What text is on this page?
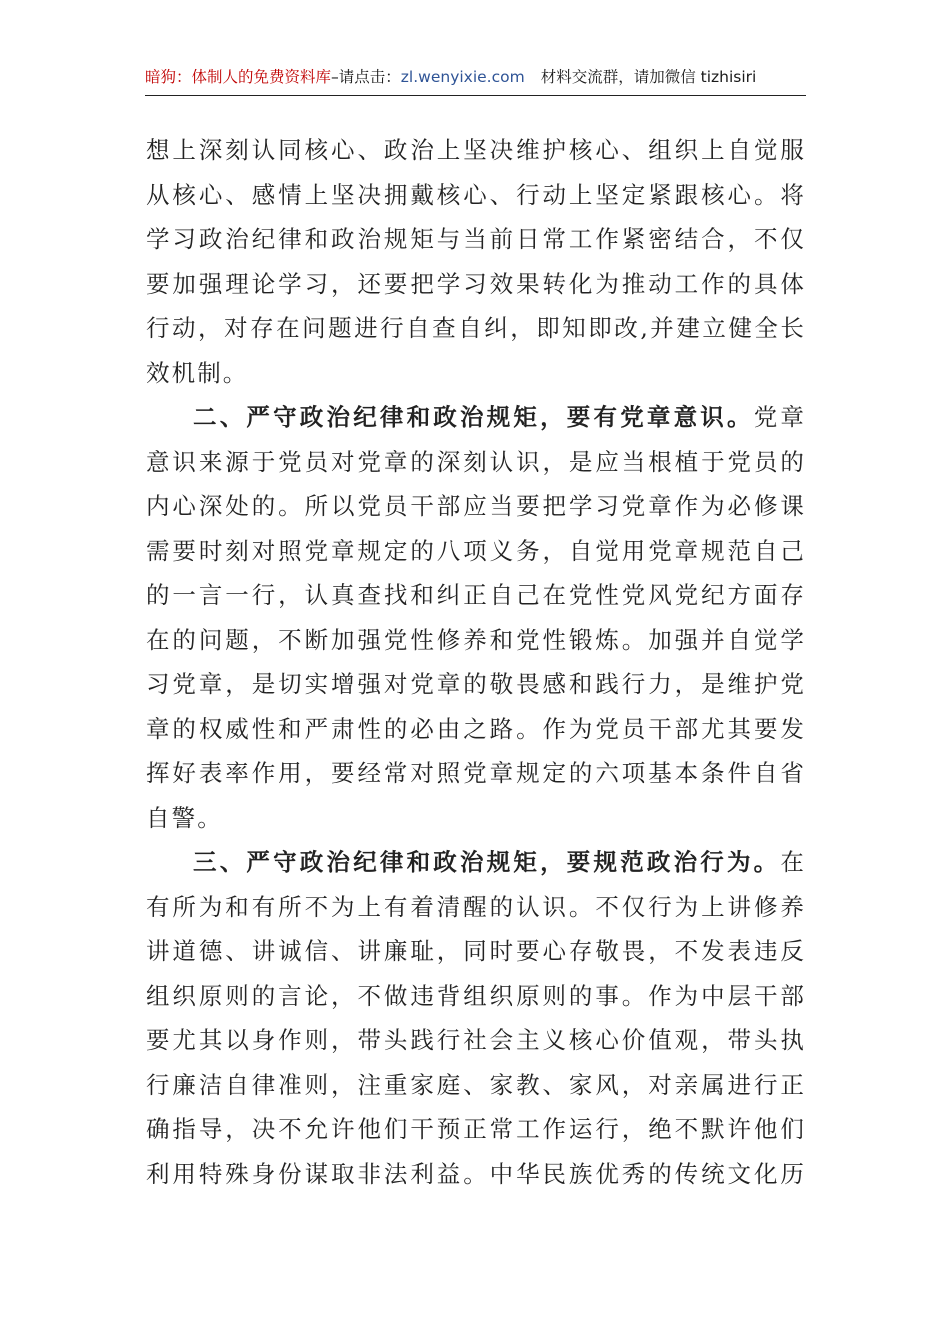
暗狗：体制人的免费资料库–请点击：zl.wenyixie.com 材料交流群，请加微信 tizhisiri
想上深刻认同核心、政治上坚决维护核心、组织上自觉服
从核心、感情上坚决拥戴核心、行动上坚定紧跟核心。将
学习政治纪律和政治规矩与当前日常工作紧密结合，不仅
要加强理论学习，还要把学习效果转化为推动工作的具体
行动，对存在问题进行自查自纠，即知即改,并建立健全长
效机制。
二、严守政治纪律和政治规矩，要有党章意识。党章
意识来源于党员对党章的深刻认识，是应当根植于党员的
内心深处的。所以党员干部应当要把学习党章作为必修课
需要时刻对照党章规定的八项义务，自觉用党章规范自己
的一言一行，认真查找和纠正自己在党性党风党纪方面存
在的问题，不断加强党性修养和党性锻炼。加强并自觉学
习党章，是切实增强对党章的敬畏感和践行力，是维护党
章的权威性和严肃性的必由之路。作为党员干部尤其要发
挥好表率作用，要经常对照党章规定的六项基本条件自省
自警。
三、严守政治纪律和政治规矩，要规范政治行为。在
有所为和有所不为上有着清醒的认识。不仅行为上讲修养
讲道德、讲诚信、讲廉耻，同时要心存敬畏，不发表违反
组织原则的言论，不做违背组织原则的事。作为中层干部
要尤其以身作则，带头践行社会主义核心价值观，带头执
行廉洁自律准则，注重家庭、家教、家风，对亲属进行正
确指导，决不允许他们干预正常工作运行，绝不默许他们
利用特殊身份谋取非法利益。中华民族优秀的传统文化历
